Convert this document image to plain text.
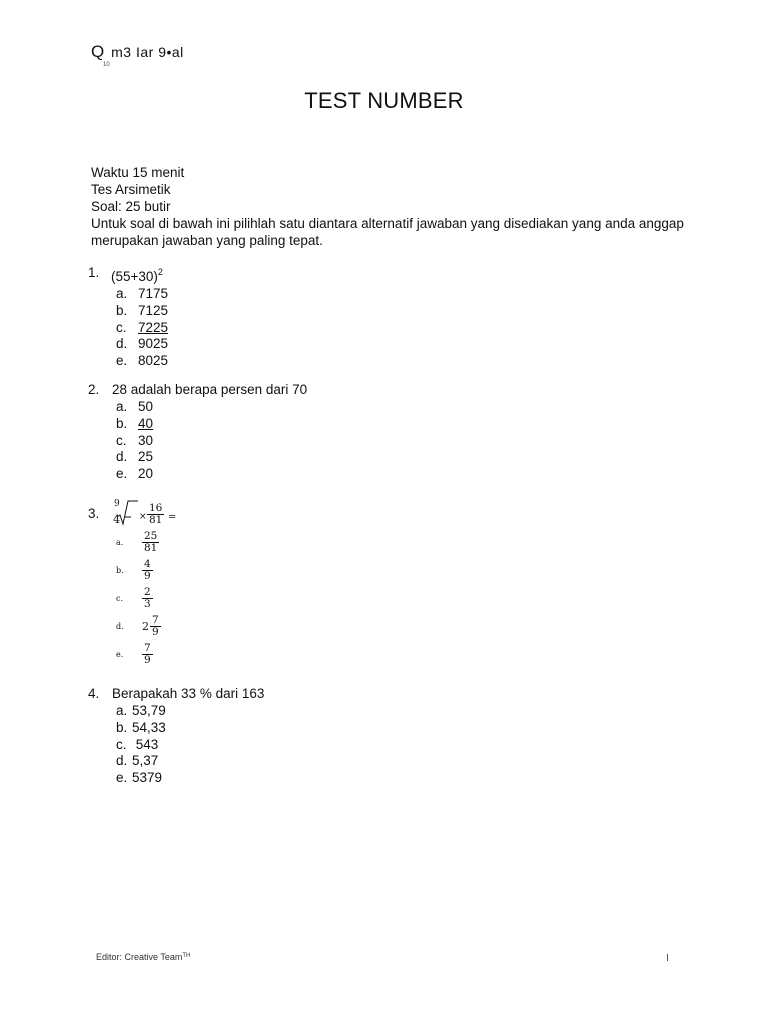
Q m3 Iar 9•al
10
TEST NUMBER
Waktu 15 menit
Tes Arsimetik
Soal: 25 butir
Untuk soal di bawah ini pilihlah satu diantara alternatif jawaban yang disediakan yang anda anggap
merupakan jawaban yang paling tepat.
1. $(55+30)^2$
a. 7175
b. 7125
c. 7225
d. 9025
e. 8025
2. 28 adalah berapa persen dari 70
a. 50
b. 40
c. 30
d. 25
e. 20
3.
9
$4 \times \frac{16}{81}$ =
a.	$\frac{25}{81}$
b.	$\frac{4}{9}$
c.	$\frac{2}{3}$
d.	$2 \frac{7}{9}$
e.	$\frac{7}{9}$
4. Berapakah 33 % dari 163
a. 53,79
b. 54,33
c. 543
d. 5,37
e. 5379
Editor: Creative Team$^{TH}$
